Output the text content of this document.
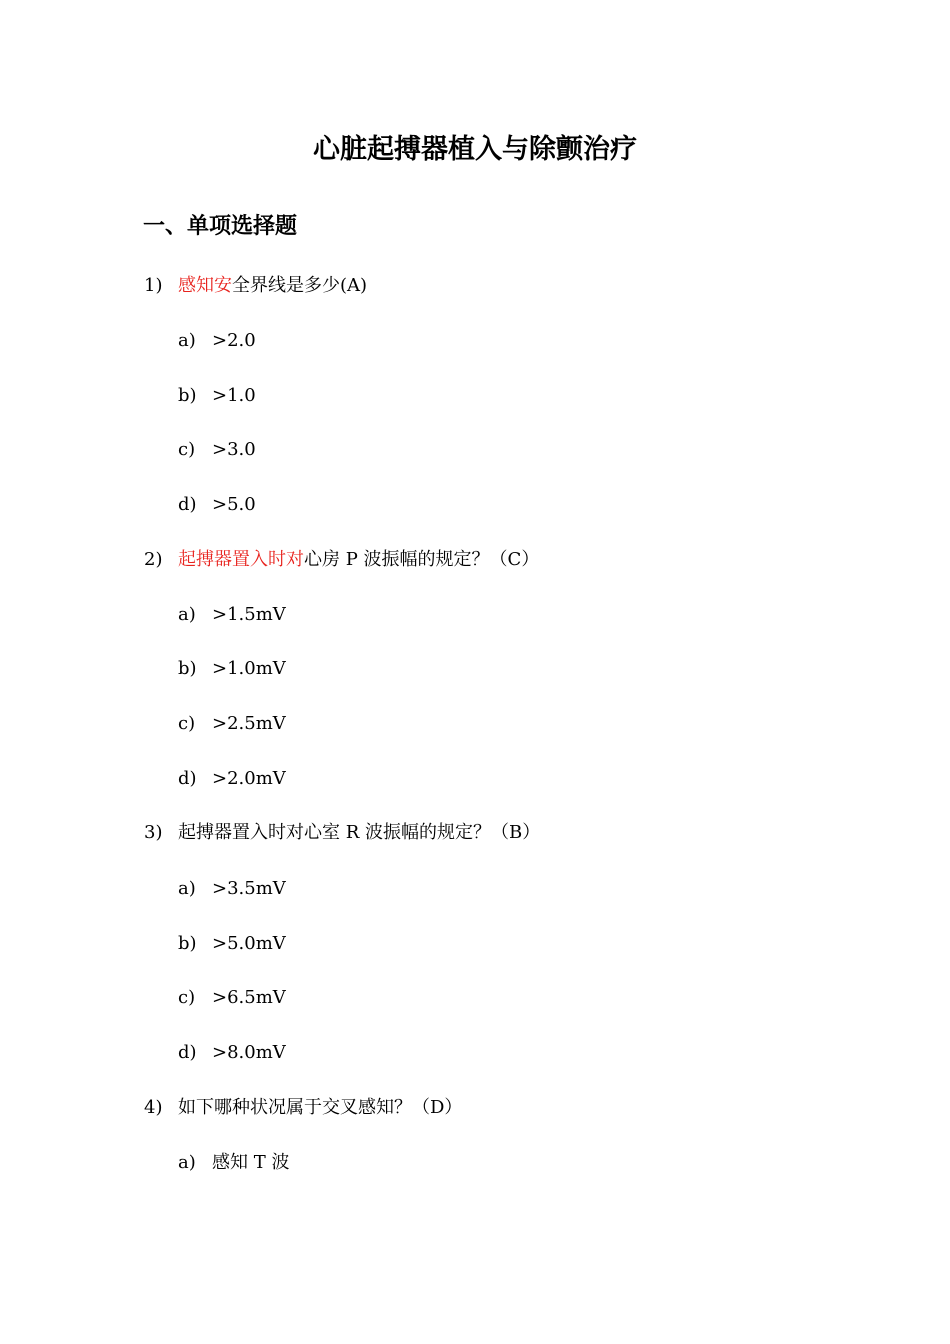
心脏起搏器植入与除颤治疗
一、单项选择题
1) 感知安全界线是多少(A)
a) >2.0
b) >1.0
c) >3.0
d) >5.0
2) 起搏器置入时对心房 P 波振幅的规定？（C）
a) >1.5mV
b) >1.0mV
c) >2.5mV
d) >2.0mV
3) 起搏器置入时对心室 R 波振幅的规定？（B）
a) >3.5mV
b) >5.0mV
c) >6.5mV
d) >8.0mV
4) 如下哪种状况属于交叉感知？（D）
a) 感知 T 波
